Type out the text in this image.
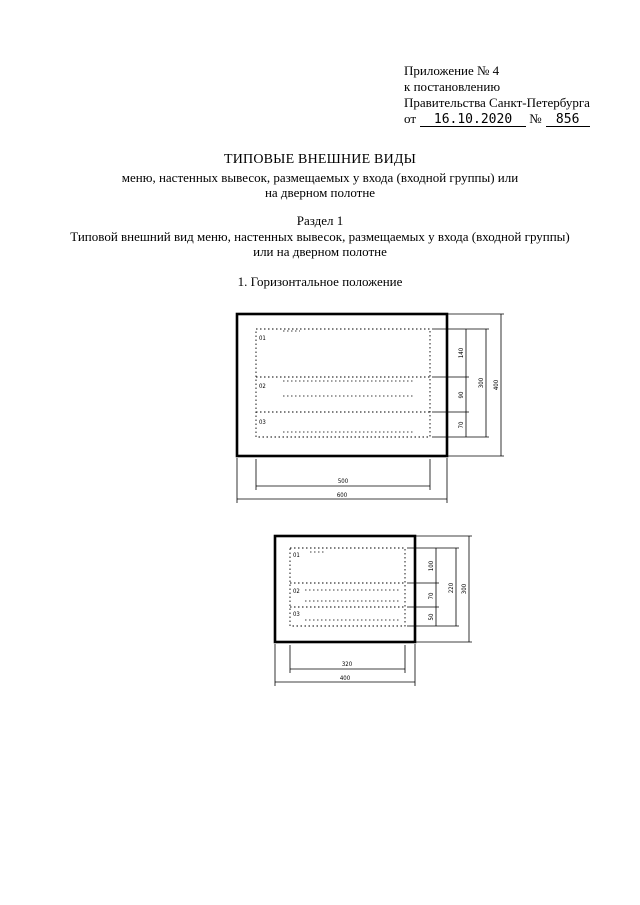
Приложение № 4
к постановлению
Правительства Санкт-Петербурга
от 16.10.2020 № 856
ТИПОВЫЕ ВНЕШНИЕ ВИДЫ
меню, настенных вывесок, размещаемых у входа (входной группы) или
на дверном полотне
Раздел 1
Типовой внешний вид меню, настенных вывесок, размещаемых у входа (входной группы)
или на дверном полотне
1. Горизонтальное положение
01
02
03
140
90
70
300 400
500
600
01
02
03
100
70
50
220 300
320
400
